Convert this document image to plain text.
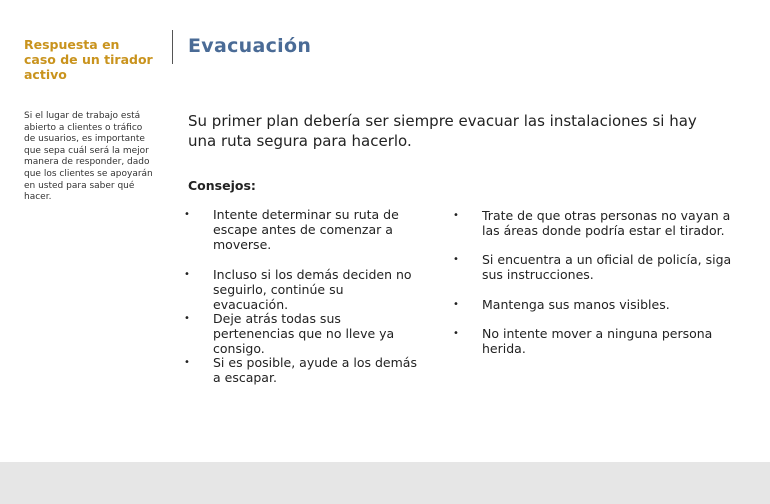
Respuesta en caso de un tirador activo
Si el lugar de trabajo está abierto a clientes o tráfico de usuarios, es importante que sepa cuál será la mejor manera de responder, dado que los clientes se apoyarán en usted para saber qué hacer.
Evacuación
Su primer plan debería ser siempre evacuar las instalaciones si hay una ruta segura para hacerlo.
Consejos:
• Intente determinar su ruta de escape antes de comenzar a moverse.
• Incluso si los demás deciden no seguirlo, continúe su evacuación.
• Deje atrás todas sus pertenencias que no lleve ya consigo.
• Si es posible, ayude a los demás a escapar.
• Trate de que otras personas no vayan a las áreas donde podría estar el tirador.
• Si encuentra a un oficial de policía, siga sus instrucciones.
• Mantenga sus manos visibles.
• No intente mover a ninguna persona herida.
